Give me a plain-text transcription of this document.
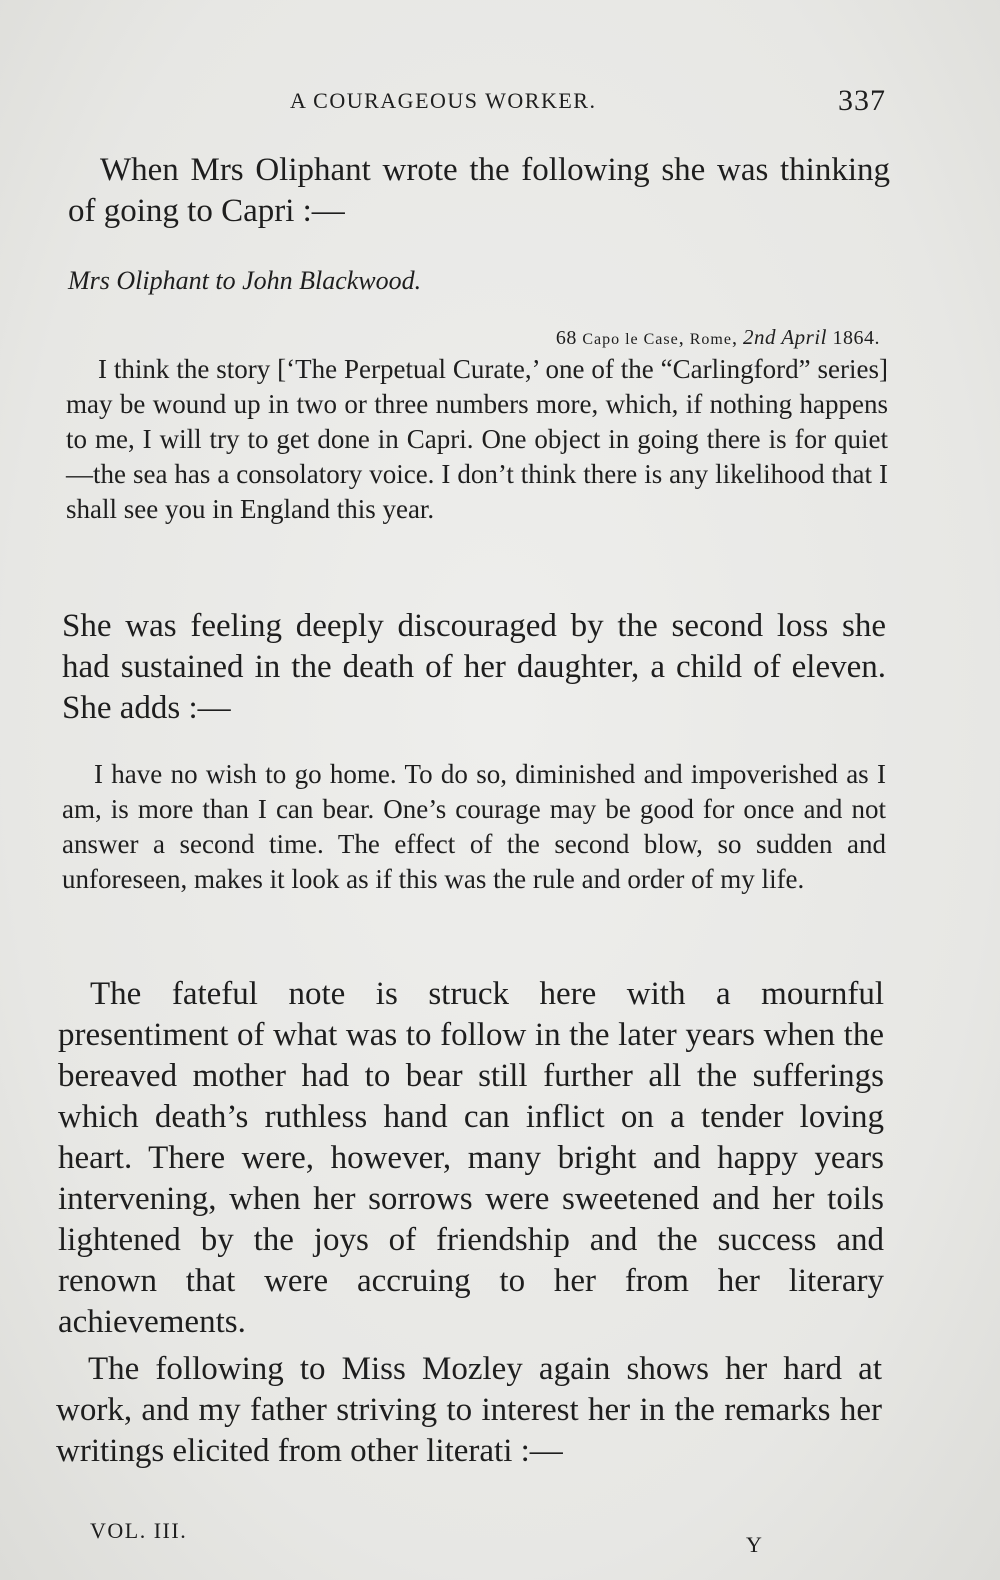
A COURAGEOUS WORKER.	337

When Mrs Oliphant wrote the following she was thinking of going to Capri :—

Mrs Oliphant to John Blackwood.
68 Capo le Case, Rome, 2nd April 1864.

I think the story [‘The Perpetual Curate,’ one of the “Carlingford” series] may be wound up in two or three numbers more, which, if nothing happens to me, I will try to get done in Capri. One object in going there is for quiet—the sea has a consolatory voice. I don’t think there is any likelihood that I shall see you in England this year.

She was feeling deeply discouraged by the second loss she had sustained in the death of her daughter, a child of eleven. She adds :—

I have no wish to go home. To do so, diminished and impoverished as I am, is more than I can bear. One’s courage may be good for once and not answer a second time. The effect of the second blow, so sudden and unforeseen, makes it look as if this was the rule and order of my life.

The fateful note is struck here with a mournful presentiment of what was to follow in the later years when the bereaved mother had to bear still further all the sufferings which death’s ruthless hand can inflict on a tender loving heart. There were, however, many bright and happy years intervening, when her sorrows were sweetened and her toils lightened by the joys of friendship and the success and renown that were accruing to her from her literary achievements.

The following to Miss Mozley again shows her hard at work, and my father striving to interest her in the remarks her writings elicited from other literati :—

VOL. III.
Y
